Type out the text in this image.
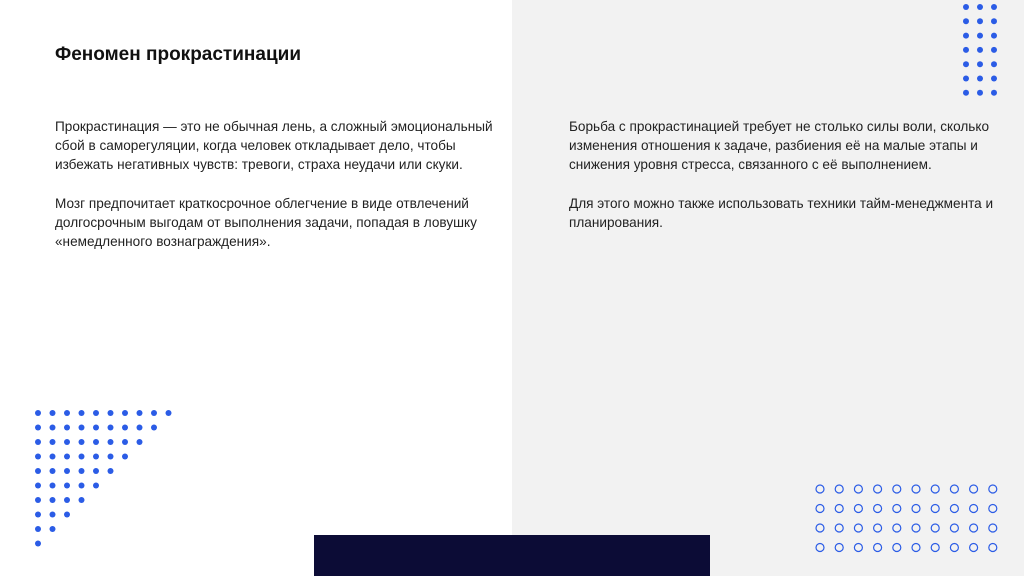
Феномен прокрастинации

Прокрастинация — это не обычная лень, а сложный эмоциональный сбой в саморегуляции, когда человек откладывает дело, чтобы избежать негативных чувств: тревоги, страха неудачи или скуки.

Мозг предпочитает краткосрочное облегчение в виде отвлечений долгосрочным выгодам от выполнения задачи, попадая в ловушку «немедленного вознаграждения».

Борьба с прокрастинацией требует не столько силы воли, сколько изменения отношения к задаче, разбиения её на малые этапы и снижения уровня стресса, связанного с её выполнением.

Для этого можно также использовать техники тайм-менеджмента и планирования.
